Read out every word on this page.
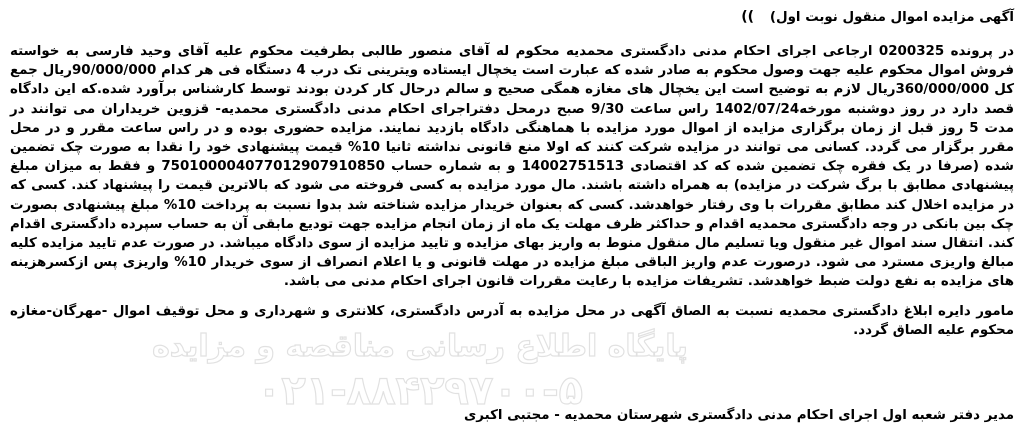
آگهی مزایده اموال منقول نوبت اول)
))

در پرونده 0200325 ارجاعی اجرای احکام مدنی دادگستری محمدیه محکوم له آقای منصور طالبی بطرفیت محکوم علیه آقای وحید فارسی به خواسته فروش اموال محکوم علیه جهت وصول محکوم به صادر شده که عبارت است یخچال ایستاده ویترینی تک درب 4 دستگاه فی هر کدام 90/000/000ریال جمع کل 360/000/000ریال لازم به توضیح است این یخچال های مغازه همگی صحیح و سالم درحال کار کردن بودند توسط کارشناس برآورد شده.که این دادگاه قصد دارد در روز دوشنبه مورخه1402/07/24 راس ساعت 9/30 صبح درمحل دفتراجرای احکام مدنی دادگستری محمدیه- قزوین خریداران می توانند در مدت 5 روز قبل از زمان برگزاری مزایده از اموال مورد مزایده با هماهنگی دادگاه بازدید نمایند. مزایده حضوری بوده و در راس ساعت مقرر و در محل مقرر برگزار می گردد. کسانی می توانند در مزایده شرکت کنند که اولا منع قانونی نداشته ثانیا 10% قیمت پیشنهادی خود را نقدا به صورت چک تضمین شده (صرفا در یک فقره چک تضمین شده که کد اقتصادی 14002751513 و به شماره حساب 7501000040770129079108​50 و فقط به میزان مبلغ پیشنهادی مطابق با برگ شرکت در مزایده) به همراه داشته باشند. مال مورد مزایده به کسی فروخته می شود که بالاترین قیمت را پیشنهاد کند. کسی که در مزایده اخلال کند مطابق مقررات با وی رفتار خواهدشد. کسی که بعنوان خریدار مزایده شناخته شد بدوا نسبت به پرداخت 10% مبلغ پیشنهادی بصورت چک بین بانکی در وجه دادگستری محمدیه اقدام و حداکثر ظرف مهلت یک ماه از زمان انجام مزایده جهت تودیع مابقی آن به حساب سپرده دادگستری اقدام کند. انتقال سند اموال غیر منقول ویا تسلیم مال منقول منوط به واریز بهای مزایده و تایید مزایده از سوی دادگاه میباشد. در صورت عدم تایید مزایده کلیه مبالغ واریزی مسترد می شود. درصورت عدم واریز الباقی مبلغ مزایده در مهلت قانونی و یا اعلام انصراف از سوی خریدار 10% واریزی پس ازکسرهزینه های مزایده به نفع دولت ضبط خواهدشد. تشریفات مزایده با رعایت مقررات قانون اجرای احکام مدنی می باشد.

مامور دایره ابلاغ دادگستری محمدیه نسبت به الصاق آگهی در محل مزایده به آدرس دادگستری، کلانتری و شهرداری و محل توقیف اموال -مهرگان-مغازه محکوم علیه الصاق گردد.

مدیر دفتر شعبه اول اجرای احکام مدنی دادگستری شهرستان محمدیه - مجتبی اکبری
پایگاه اطلاع رسانی مناقصه و مزایده
۰۲۱-۸۸۴۲۹۷۰۰-۵
